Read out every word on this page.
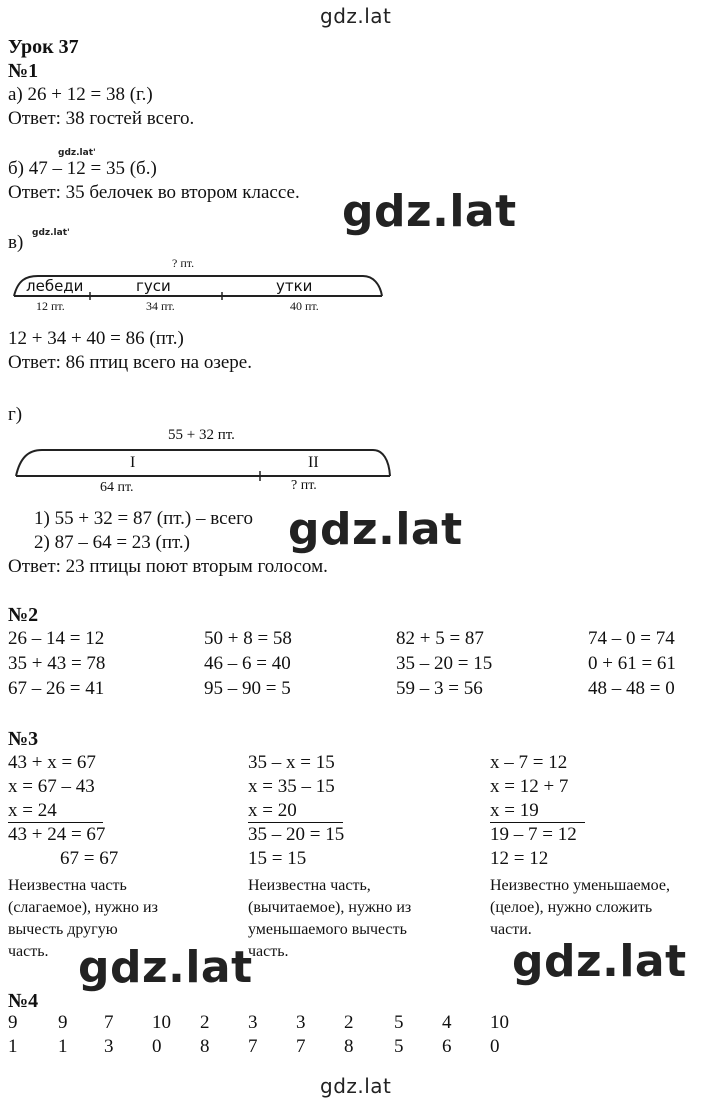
gdz.lat
Урок 37
№1
а) 26 + 12 = 38 (г.)
Ответ: 38 гостей всего.
gdz.lat'
б) 47 – 12 = 35 (б.)
Ответ: 35 белочек во втором классе. gdz.lat
в) gdz.lat'
? пт.
лебеди	гуси	утки
12 пт.	34 пт.	40 пт.
12 + 34 + 40 = 86 (пт.)
Ответ: 86 птиц всего на озере.
г)
55 + 32 пт.
I	II
64 пт.	? пт.
1) 55 + 32 = 87 (пт.) – всего
2) 87 – 64 = 23 (пт.) gdz.lat
Ответ: 23 птицы поют вторым голосом.
№2
26 – 14 = 12	50 + 8 = 58	82 + 5 = 87	74 – 0 = 74
35 + 43 = 78	46 – 6 = 40	35 – 20 = 15	0 + 61 = 61
67 – 26 = 41	95 – 90 = 5	59 – 3 = 56	48 – 48 = 0
№3
43 + x = 67
x = 67 – 43
x = 24
43 + 24 = 67
67 = 67
Неизвестна часть
(слагаемое), нужно из
вычесть другую
часть.
35 – x = 15
x = 35 – 15
x = 20
35 – 20 = 15
15 = 15
Неизвестна часть,
(вычитаемое), нужно из
уменьшаемого вычесть
часть.
x – 7 = 12
x = 12 + 7
x = 19
19 – 7 = 12
12 = 12
Неизвестно уменьшаемое,
(целое), нужно сложить
части.
gdz.lat	gdz.lat
№4
9 9 7 10 2 3 3 2 5 4 10
1 1 3 0 8 7 7 8 5 6 0
gdz.lat
